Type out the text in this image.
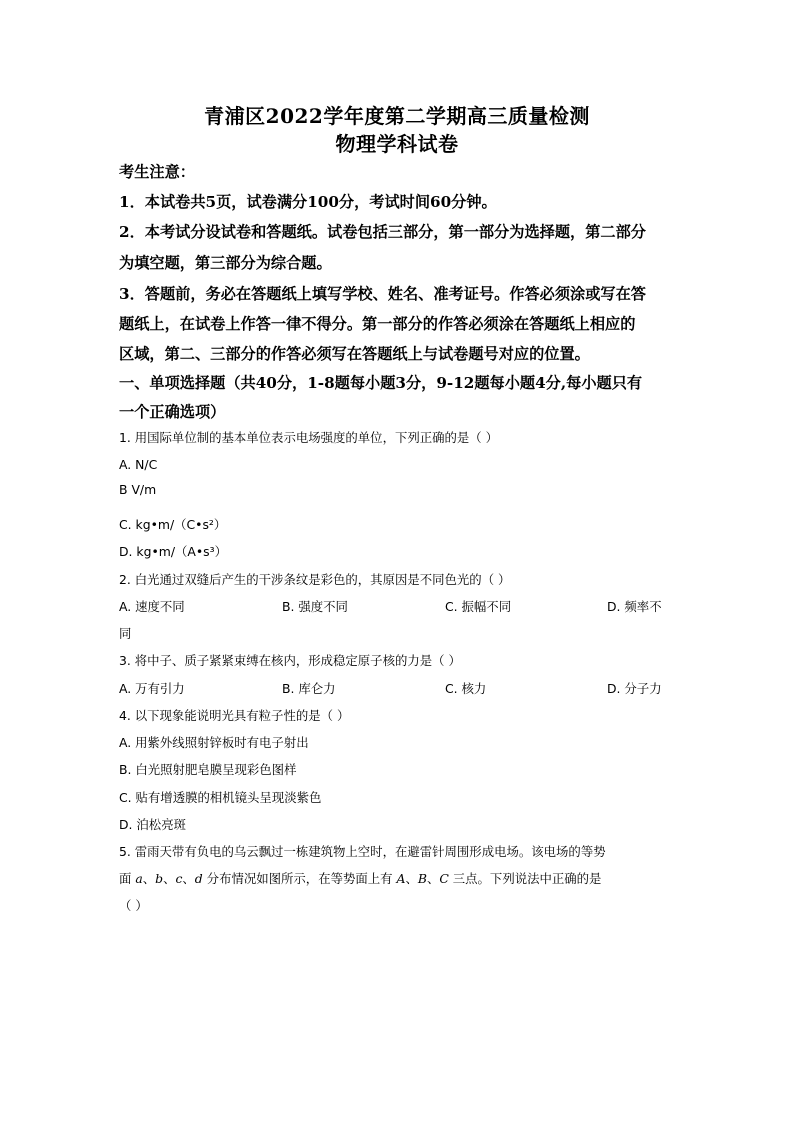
青浦区2022学年度第二学期高三质量检测
物理学科试卷
考生注意：
1．本试卷共5页，试卷满分100分，考试时间60分钟。
2．本考试分设试卷和答题纸。试卷包括三部分，第一部分为选择题，第二部分
为填空题，第三部分为综合题。
3．答题前，务必在答题纸上填写学校、姓名、准考证号。作答必须涂或写在答
题纸上，在试卷上作答一律不得分。第一部分的作答必须涂在答题纸上相应的
区域，第二、三部分的作答必须写在答题纸上与试卷题号对应的位置。
一、单项选择题（共40分，1-8题每小题3分，9-12题每小题4分,每小题只有
一个正确选项）
1. 用国际单位制的基本单位表示电场强度的单位，下列正确的是（ ）
A. N/C
B V/m
C. kg•m/（C•s²）
D. kg•m/（A•s³）
2. 白光通过双缝后产生的干涉条纹是彩色的，其原因是不同色光的（ ）
A. 速度不同	B. 强度不同	C. 振幅不同	D. 频率不
同
3. 将中子、质子紧紧束缚在核内，形成稳定原子核的力是（ ）
A. 万有引力	B. 库仑力	C. 核力	D. 分子力
4. 以下现象能说明光具有粒子性的是（ ）
A. 用紫外线照射锌板时有电子射出
B. 白光照射肥皂膜呈现彩色图样
C. 贴有增透膜的相机镜头呈现淡紫色
D. 泊松亮斑
5. 雷雨天带有负电的乌云飘过一栋建筑物上空时，在避雷针周围形成电场。该电场的等势
面 a、b、c、d 分布情况如图所示，在等势面上有 A、B、C 三点。下列说法中正确的是
（ ）
